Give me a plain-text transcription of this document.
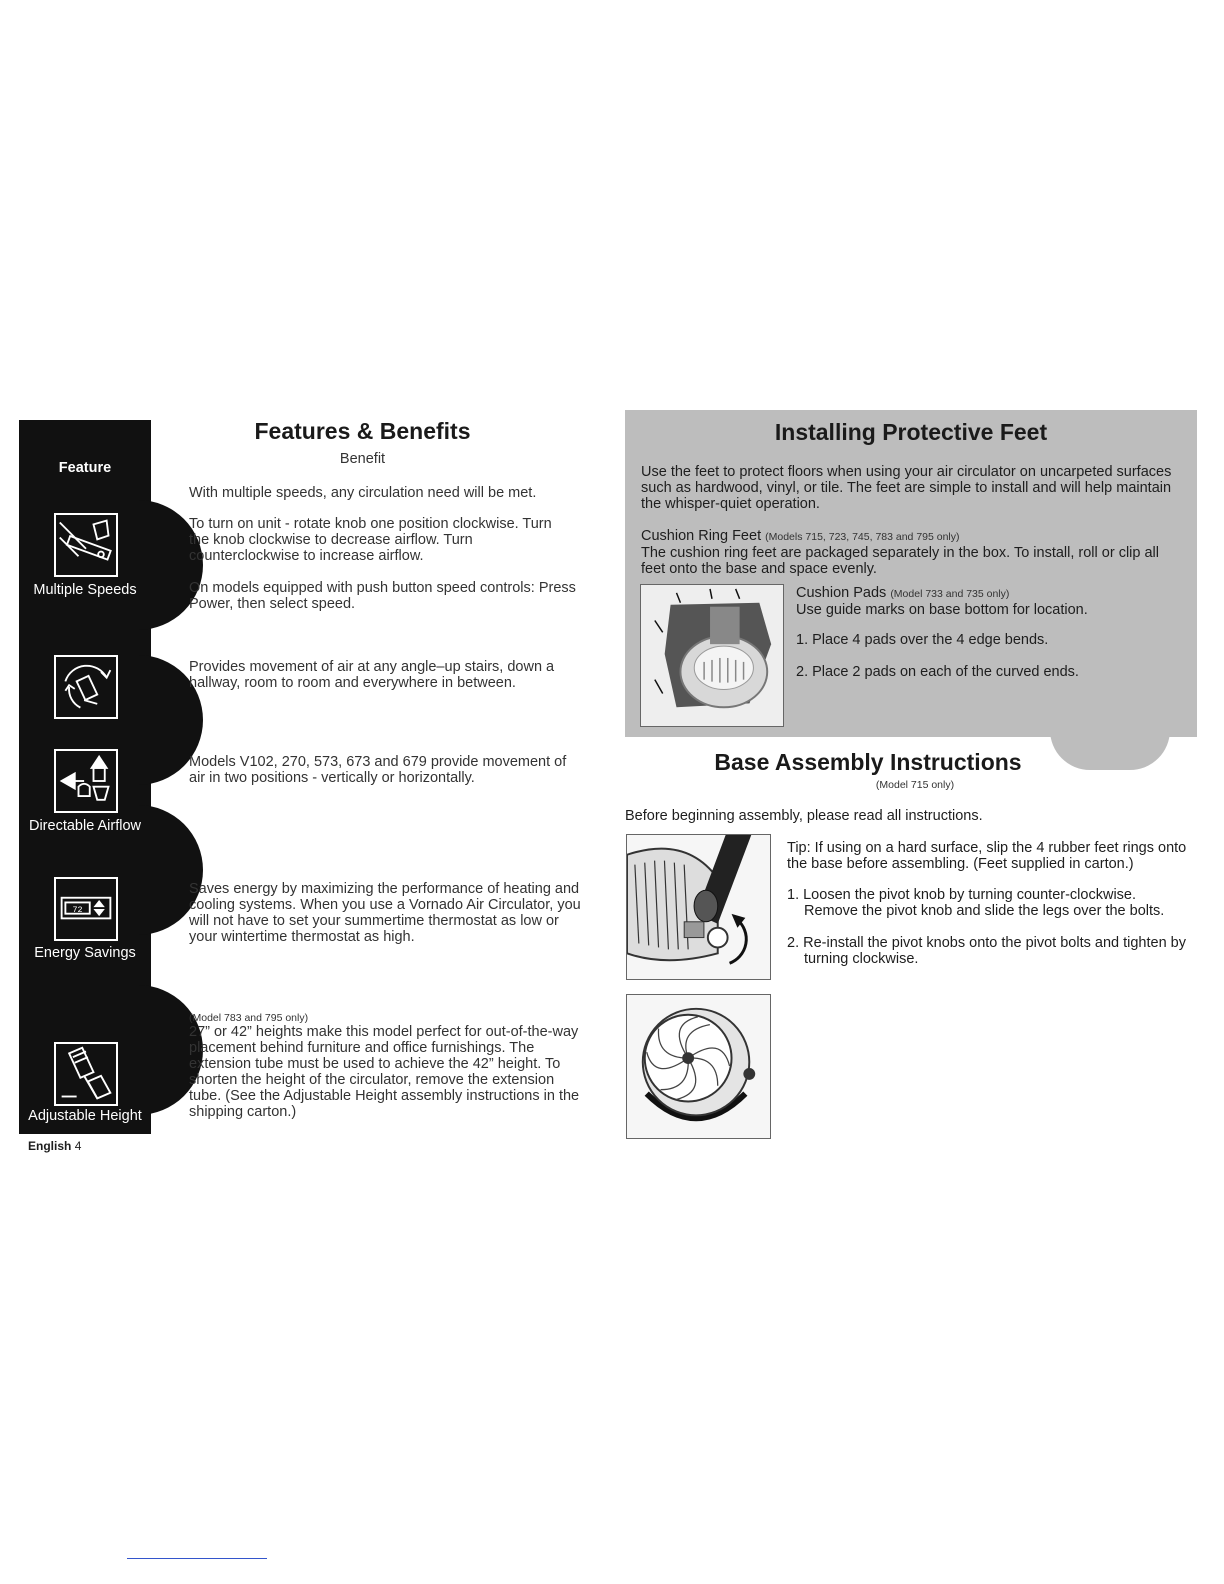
Feature
Multiple Speeds
Directable Airflow
72
Energy Savings
Adjustable Height
Features & Benefits
Benefit
With multiple speeds, any circulation need will be met.
To turn on unit - rotate knob one position clockwise. Turn the knob clockwise to decrease airflow. Turn counterclockwise to increase airflow.
On models equipped with push button speed controls: Press Power, then select speed.
Provides movement of air at any angle–up stairs, down a hallway, room to room and everywhere in between.
Models V102, 270, 573, 673 and 679 provide movement of air in two positions - vertically or horizontally.
Saves energy by maximizing the performance of heating and cooling systems. When you use a Vornado Air Circulator, you will not have to set your summertime thermostat as low or your wintertime thermostat as high.
(Model 783 and 795 only)
27” or 42” heights make this model perfect for out-of-the-way placement behind furniture and office furnishings. The extension tube must be used to achieve the 42” height. To shorten the height of the circulator, remove the extension tube. (See the Adjustable Height assembly instructions in the shipping carton.)
English 4
Installing Protective Feet
Use the feet to protect floors when using your air circulator on uncarpeted surfaces such as hardwood, vinyl, or tile. The feet are simple to install and will help maintain the whisper-quiet operation.
Cushion Ring Feet (Models 715, 723, 745, 783 and 795 only)
The cushion ring feet are packaged separately in the box. To install, roll or clip all feet onto the base and space evenly.
Cushion Pads (Model 733 and 735 only)
Use guide marks on base bottom for location.
1. Place 4 pads over the 4 edge bends.
2. Place 2 pads on each of the curved ends.
Base Assembly Instructions
(Model 715 only)
Before beginning assembly, please read all instructions.
Tip: If using on a hard surface, slip the 4 rubber feet rings onto the base before assembling. (Feet supplied in carton.)
1. Loosen the pivot knob by turning counter-clockwise. Remove the pivot knob and slide the legs over the bolts.
2. Re-install the pivot knobs onto the pivot bolts and tighten by turning clockwise.
